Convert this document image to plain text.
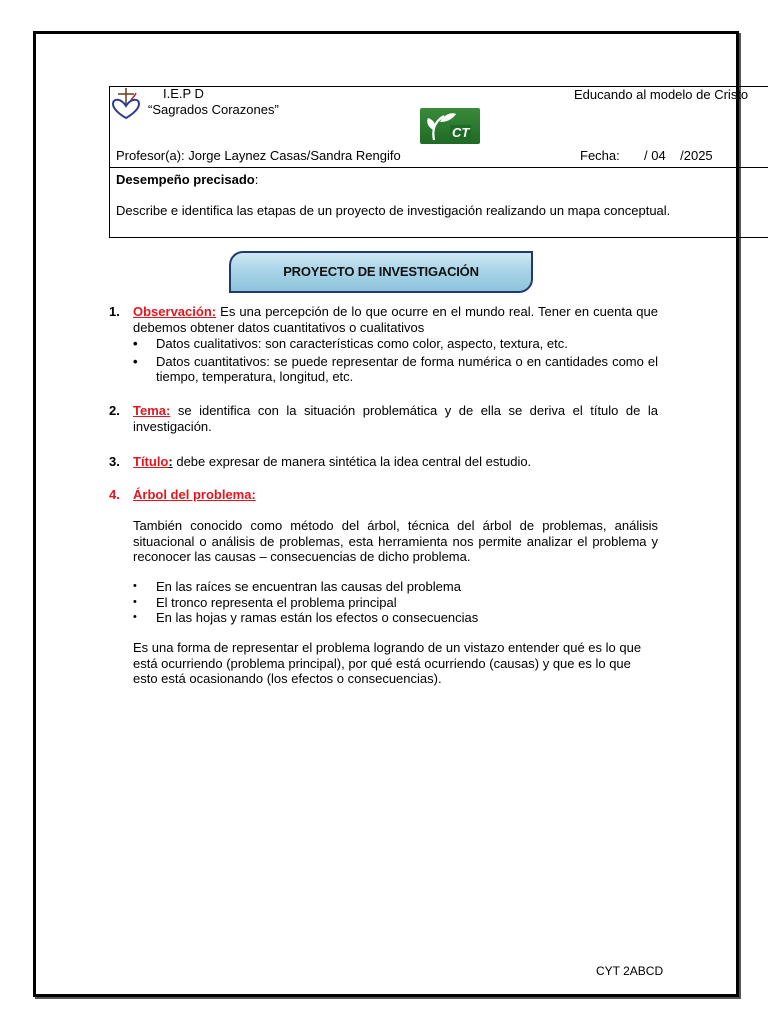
I.E.P D
“Sagrados Corazones”
Educando al modelo de Cristo
CT
Profesor(a): Jorge Laynez Casas/Sandra Rengifo	Fecha: / 04    /2025
Desempeño precisado:
Describe e identifica las etapas de un proyecto de investigación realizando un mapa conceptual.
PROYECTO DE INVESTIGACIÓN
1. Observación: Es una percepción de lo que ocurre en el mundo real. Tener en cuenta que debemos obtener datos cuantitativos o cualitativos
• Datos cualitativos: son características como color, aspecto, textura, etc.
• Datos cuantitativos: se puede representar de forma numérica o en cantidades como el tiempo, temperatura, longitud, etc.
2. Tema: se identifica con la situación problemática y de ella se deriva el título de la investigación.
3. Título: debe expresar de manera sintética la idea central del estudio.
4. Árbol del problema:
También conocido como método del árbol, técnica del árbol de problemas, análisis situacional o análisis de problemas, esta herramienta nos permite analizar el problema y reconocer las causas – consecuencias de dicho problema.
• En las raíces se encuentran las causas del problema
• El tronco representa el problema principal
• En las hojas y ramas están los efectos o consecuencias
Es una forma de representar el problema logrando de un vistazo entender qué es lo que está ocurriendo (problema principal), por qué está ocurriendo (causas) y que es lo que esto está ocasionando (los efectos o consecuencias).
CYT 2ABCD
